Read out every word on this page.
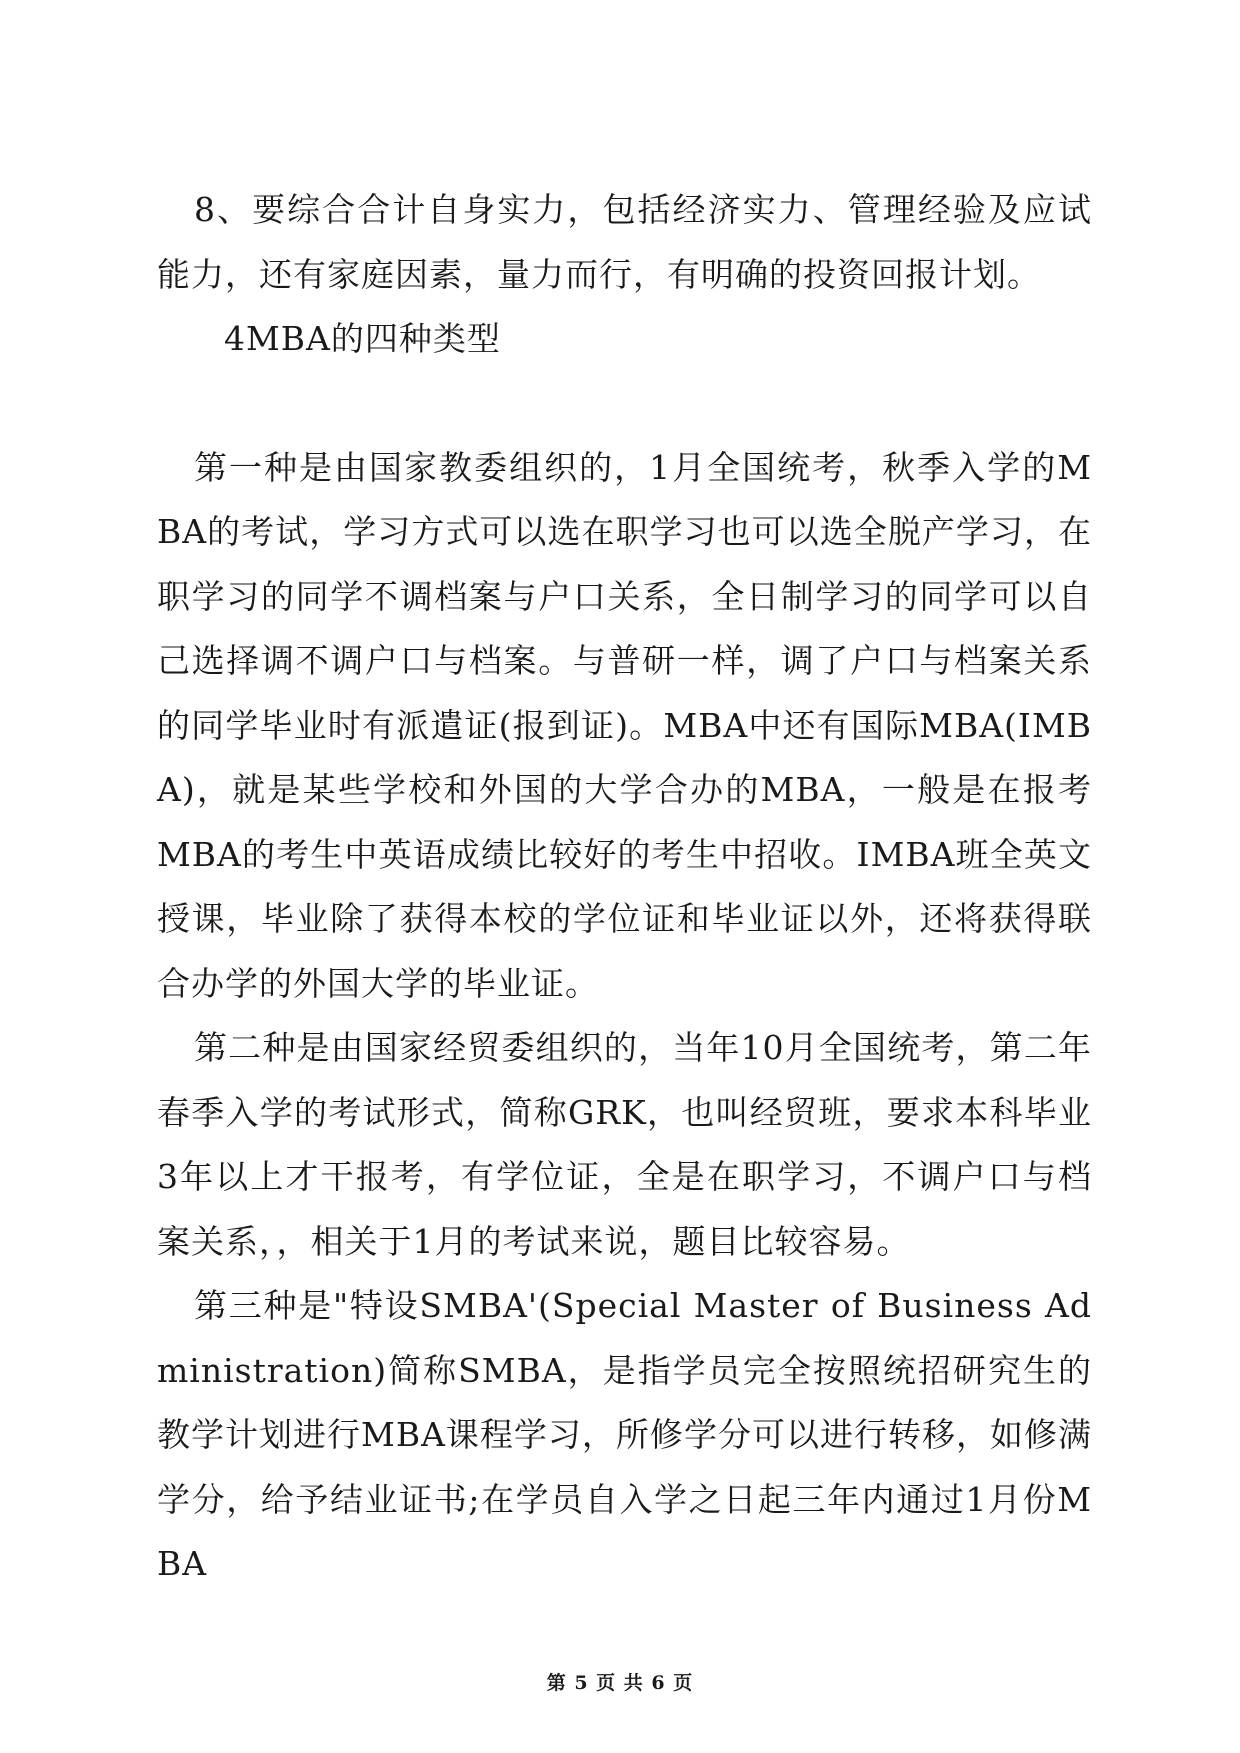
8、要综合合计自身实力，包括经济实力、管理经验及应试能力，还有家庭因素，量力而行，有明确的投资回报计划。

4MBA的四种类型

第一种是由国家教委组织的，1月全国统考，秋季入学的MBA的考试，学习方式可以选在职学习也可以选全脱产学习，在职学习的同学不调档案与户口关系，全日制学习的同学可以自己选择调不调户口与档案。与普研一样，调了户口与档案关系的同学毕业时有派遣证(报到证)。MBA中还有国际MBA(IMBA)，就是某些学校和外国的大学合办的MBA，一般是在报考MBA的考生中英语成绩比较好的考生中招收。IMBA班全英文授课，毕业除了获得本校的学位证和毕业证以外，还将获得联合办学的外国大学的毕业证。

第二种是由国家经贸委组织的，当年10月全国统考，第二年春季入学的考试形式，简称GRK，也叫经贸班，要求本科毕业3年以上才干报考，有学位证，全是在职学习，不调户口与档案关系，，相关于1月的考试来说，题目比较容易。

第三种是"特设SMBA'(Special Master of Business Administration)简称SMBA，是指学员完全按照统招研究生的教学计划进行MBA课程学习，所修学分可以进行转移，如修满学分，给予结业证书;在学员自入学之日起三年内通过1月份MBA

第 5 页 共 6 页
